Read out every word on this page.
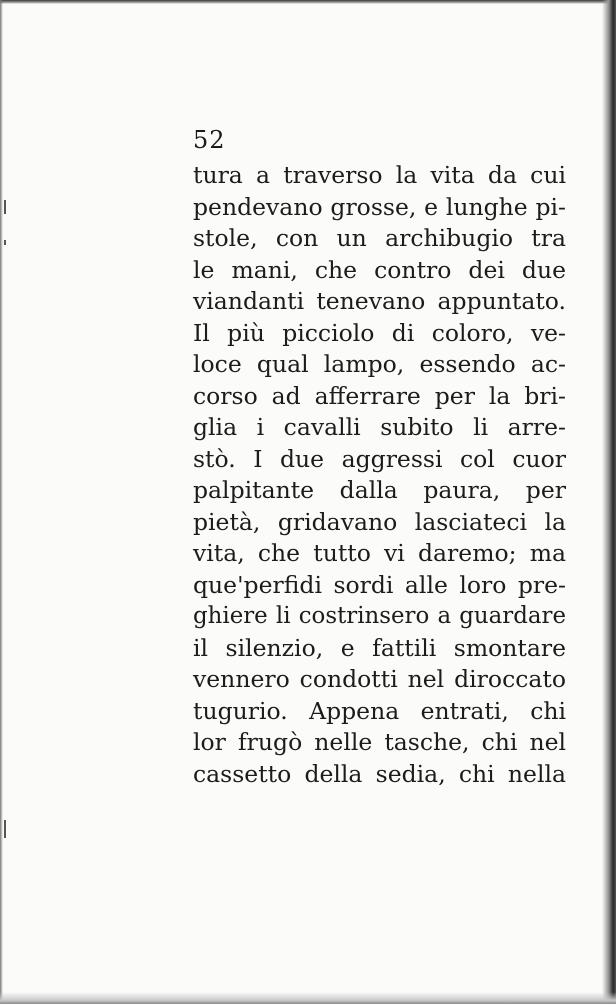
52
tura a traverso la vita da cui
pendevano grosse, e lunghe pi-
stole, con un archibugio tra
le mani, che contro dei due
viandanti tenevano appuntato.
Il più picciolo di coloro, ve-
loce qual lampo, essendo ac-
corso ad afferrare per la bri-
glia i cavalli subito li arre-
stò. I due aggressi col cuor
palpitante dalla paura, per
pietà, gridavano lasciateci la
vita, che tutto vi daremo; ma
que'perfidi sordi alle loro pre-
ghiere li costrinsero a guardare
il silenzio, e fattili smontare
vennero condotti nel diroccato
tugurio. Appena entrati, chi
lor frugò nelle tasche, chi nel
cassetto della sedia, chi nella
